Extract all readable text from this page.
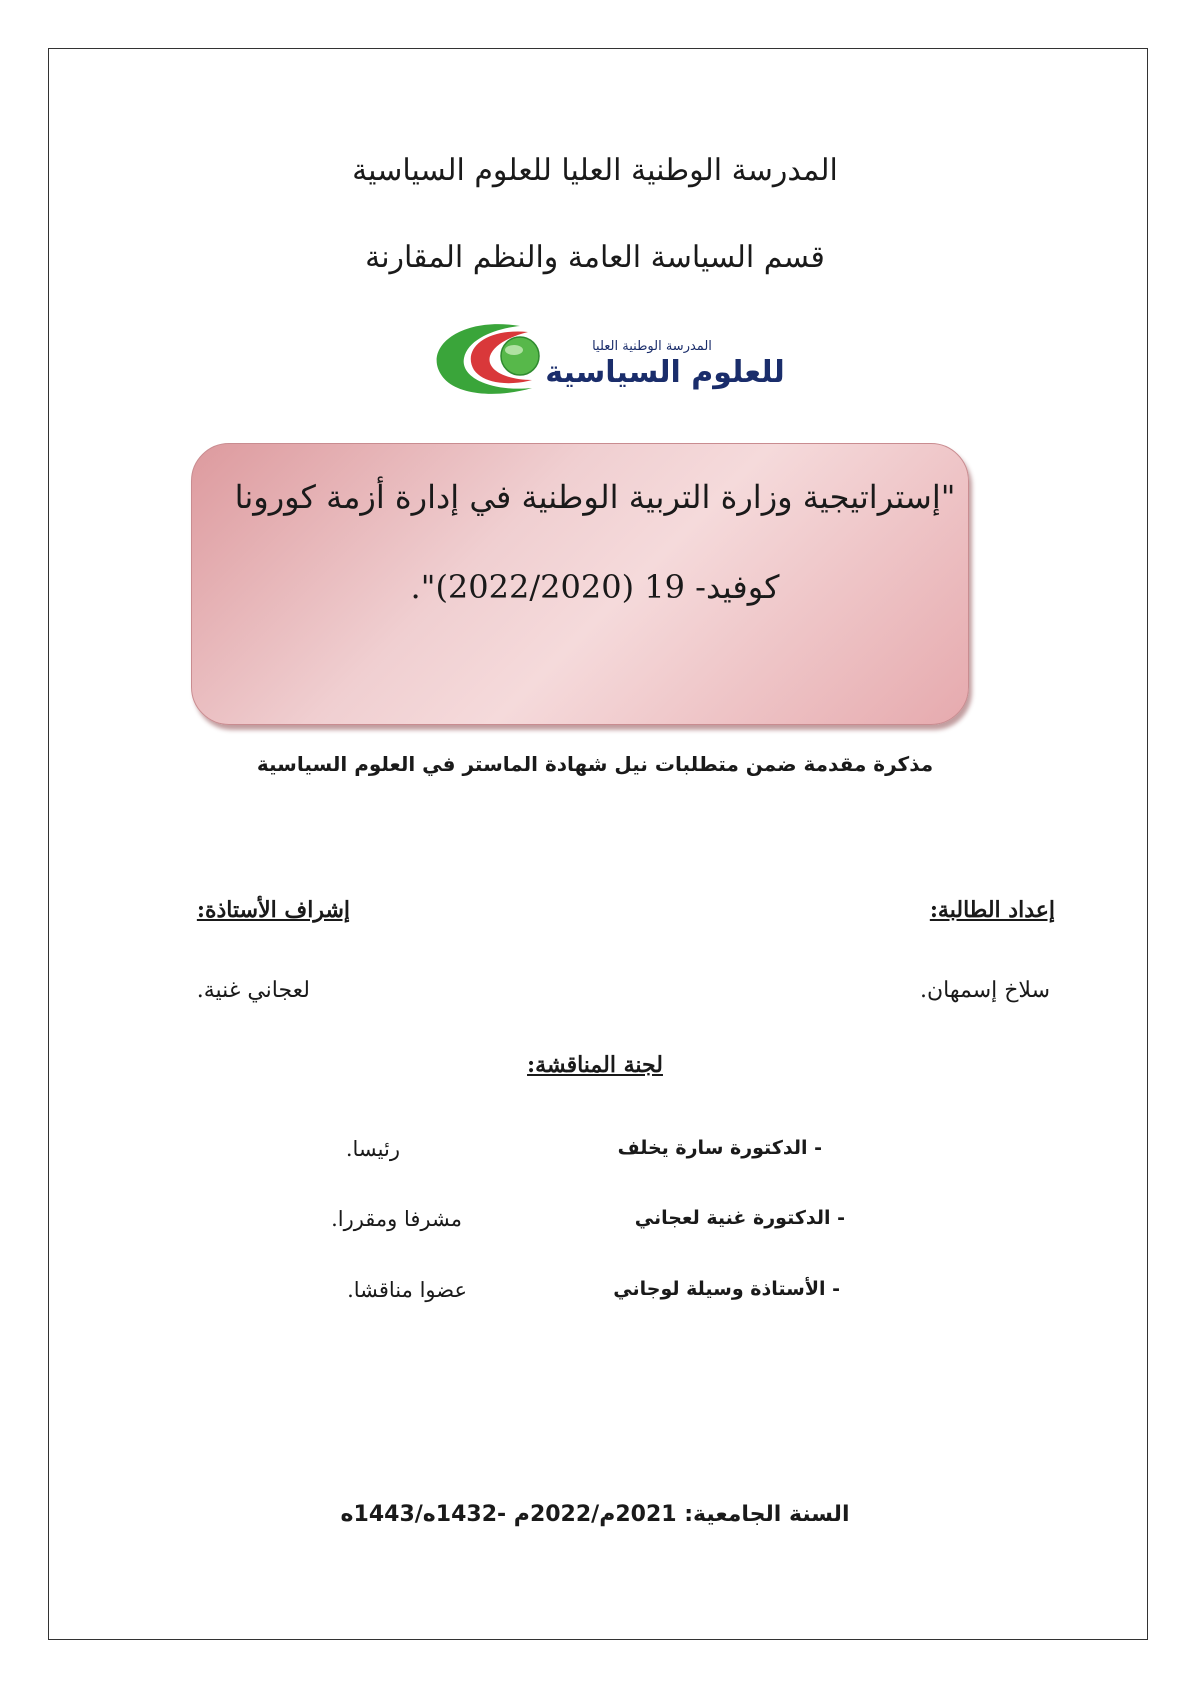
المدرسة الوطنية العليا للعلوم السياسية
قسم السياسة العامة والنظم المقارنة
المدرسة الوطنية العليا
للعلوم السياسية
"إستراتيجية وزارة التربية الوطنية في إدارة أزمة كورونا
كوفيد- 19 (2022/2020)".
مذكرة مقدمة ضمن متطلبات نيل شهادة الماستر في العلوم السياسية
إعداد الطالبة:
إشراف الأستاذة:
سلاخ إسمهان.
لعجاني غنية.
لجنة المناقشة:
- الدكتورة سارة يخلف
رئيسا.
- الدكتورة غنية لعجاني
مشرفا ومقررا.
- الأستاذة وسيلة لوجاني
عضوا مناقشا.
السنة الجامعية: 2021م/2022م -1432ه/1443ه
